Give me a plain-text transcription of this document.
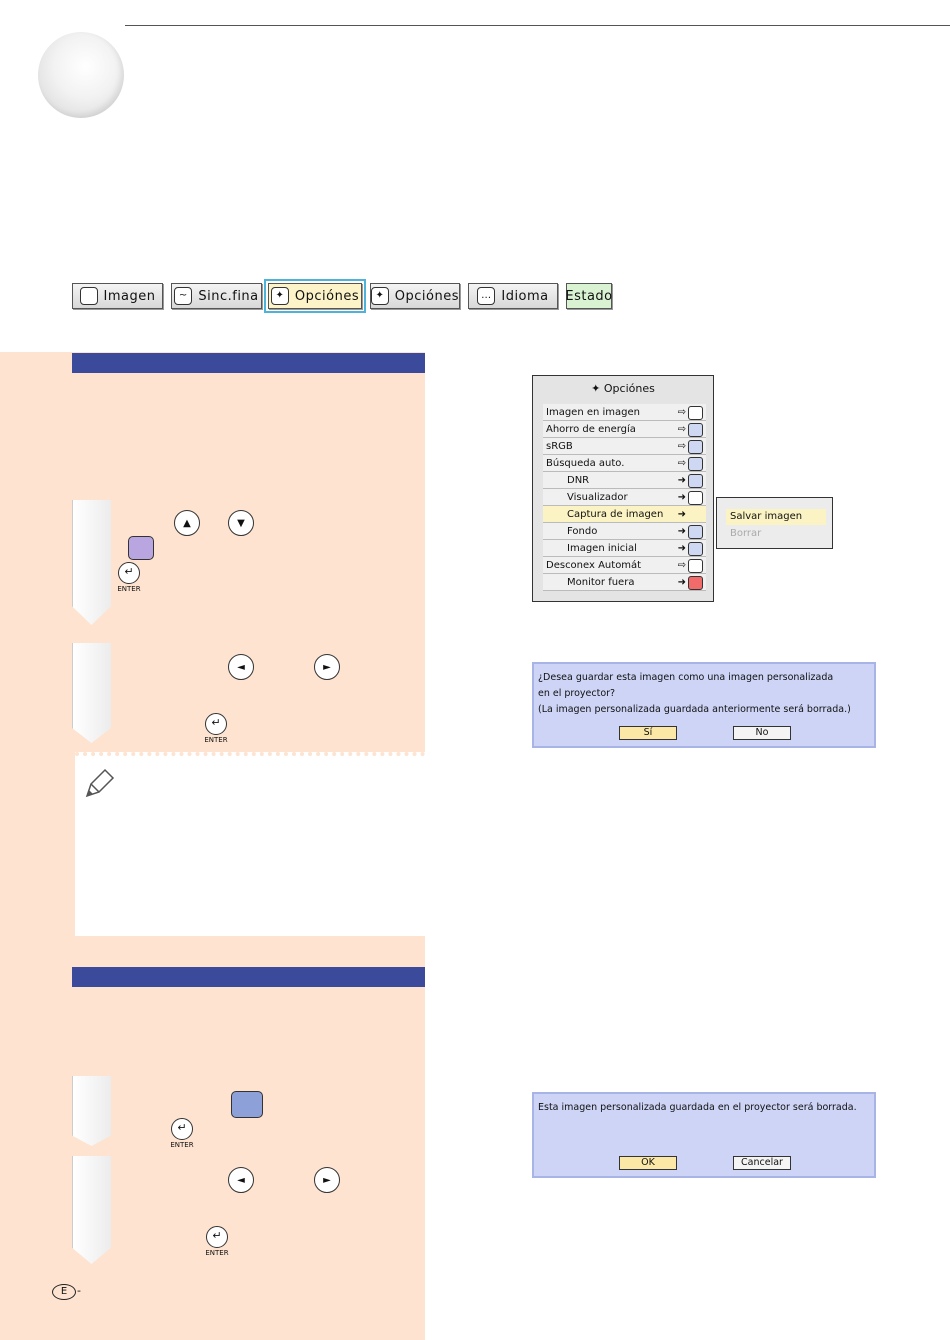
Imagen	~ Sinc.fina	✦ Opciónes	✦ Opciónes	… Idioma Estado
▲	▼
↵
ENTER
◄	►
↵
ENTER
↵
ENTER
◄	►
↵
ENTER
E -
✦ Opciónes
Imagen en imagen	⇨
Ahorro de energía	⇨
sRGB	⇨
Búsqueda auto.	⇨
DNR	➜
Visualizador	➜
Captura de imagen ➜
Fondo	➜
Imagen inicial	➜
Desconex Automát	⇨
Monitor fuera	➜
Salvar imagen
Borrar
¿Desea guardar esta imagen como una imagen personalizada
en el proyector?
(La imagen personalizada guardada anteriormente será borrada.)
Sí	No
Esta imagen personalizada guardada en el proyector será borrada.
OK	Cancelar
